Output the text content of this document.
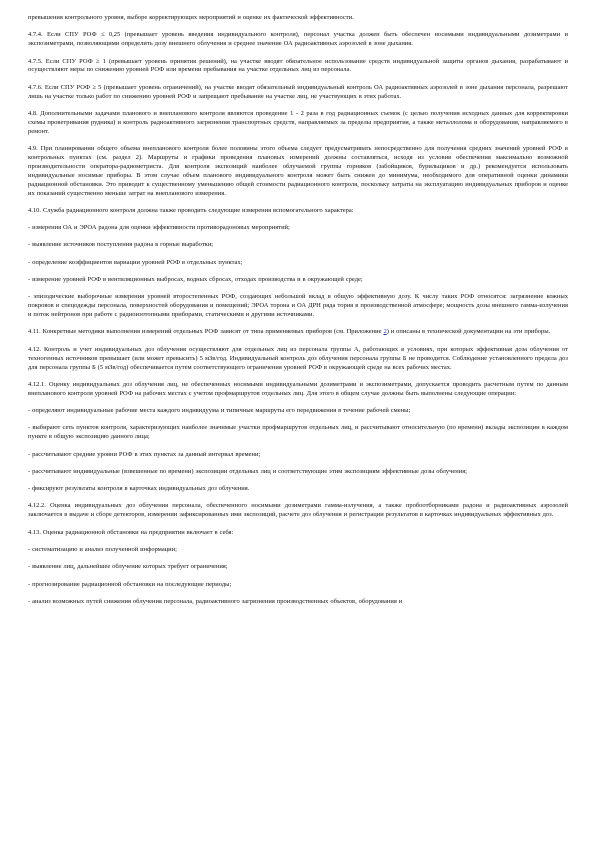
превышения контрольного уровня, выборе корректирующих мероприятий и оценке их фактической эффективности.

4.7.4. Если СПУ РОФ ≤ 0,25 (превышает уровень введения индивидуального контроля), персонал участка должен быть обеспечен носимыми индивидуальными дозиметрами и экспозиметрами, позволяющими определить дозу внешнего облучения и среднее значение ОА радиоактивных аэрозолей в зоне дыхания.

4.7.5. Если СПУ РОФ ≥ 1 (превышает уровень принятия решений), на участке вводят обязательное использование средств индивидуальной защиты органов дыхания, разрабатывают и осуществляют меры по снижению уровней РОФ или времени пребывания на участке отдельных лиц из персонала.

4.7.6. Если СПУ РОФ ≥ 5 (превышает уровень ограничений), на участке вводят обязательный индивидуальный контроль ОА радиоактивных аэрозолей в зоне дыхания персонала, разрешают лишь на участке только работ по снижению уровней РОФ и запрещают пребывание на участке лиц, не участвующих в этих работах.

4.8. Дополнительными задачами планового и внепланового контроля являются проведение 1 - 2 раза в год радиационных съемок (с целью получения исходных данных для корректировки схемы проветривания рудника) и контроль радиоактивного загрязнения транспортных средств, направляемых за пределы предприятия, а также металлолома и оборудования, направляемого в ремонт.

4.9. При планировании общего объема внепланового контроля более половины этого объема следует предусматривать непосредственно для получения средних значений уровней РОФ в контрольных пунктах (см. раздел 2). Маршруты и графики проведения плановых измерений должны составляться, исходя из условия обеспечения максимально возможной производительности оператора-радиометриста. Для контроля экспозиций наиболее облучаемой группы горняков (забойщиков, бурильщиков и др.) рекомендуется использовать индивидуальные носимые приборы. В этом случае объем планового индивидуального контроля может быть снижен до минимума, необходимого для оперативной оценки динамики радиационной обстановки. Это приводит к существенному уменьшению общей стоимости радиационного контроля, поскольку затраты на эксплуатацию индивидуальных приборов и оценке их показаний существенно меньше затрат на внепланового измерения.

4.10. Служба радиационного контроля должна также проводить следующие измерения вспомогательного характера:

- измерения ОА и ЭРОА радона для оценки эффективности противорадоновых мероприятий;

- выявление источников поступления радона в горные выработки;

- определение коэффициентов вариации уровней РОФ в отдельных пунктах;

- измерение уровней РОФ в вентиляционных выбросах, водных сбросах, отходах производства и в окружающей среде;

- эпизодические выборочные измерения уровней второстепенных РОФ, создающих небольшой вклад в общую эффективную дозу. К числу таких РОФ относятся: загрязнение кожных покровов и спецодежды персонала, поверхностей оборудования и помещений; ЭРОА торона и ОА ДРН ряда тория в производственной атмосфере; мощность дозы внешнего гамма-излучения и поток нейтронов при работе с радиоизотопными приборами, статическими и другими источниками.

4.11. Конкретные методики выполнения измерений отдельных РОФ зависят от типа применяемых приборов (см. Приложение 2) и описаны в технической документации на эти приборы.

4.12. Контроль и учет индивидуальных доз облучения осуществляют для отдельных лиц из персонала группы А, работающих в условиях, при которых эффективная доза облучения от техногенных источников превышает (или может превысить) 5 мЗв/год. Индивидуальный контроль доз облучения персонала группы Б не проводится. Соблюдение установленного предела доз для персонала группы Б (5 мЗв/год) обеспечивается путем соответствующего ограничения уровней РОФ в окружающей среде на всех рабочих местах.

4.12.1. Оценку индивидуальных доз облучения лиц, не обеспеченных носимыми индивидуальными дозиметрами и экспозиметрами, допускается проводить расчетным путем по данным внепланового контроля уровней РОФ на рабочих местах с учетом профмаршрутов отдельных лиц. Для этого в общем случае должны быть выполнены следующие операции:

- определяют индивидуальные рабочие места каждого индивидуума и типичные маршруты его передвижения в течение рабочей смены;

- выбирают сеть пунктов контроля, характеризующих наиболее значимые участки профмаршрутов отдельных лиц, и рассчитывают относительную (по времени) вклады экспозиции в каждом пункте в общую экспозицию данного лица;

- рассчитывают средние уровни РОФ в этих пунктах за данный интервал времени;

- рассчитывают индивидуальные (взвешенные по времени) экспозиции отдельных лиц и соответствующие этим экспозициям эффективные дозы облучения;

- фиксируют результаты контроля в карточках индивидуальных доз облучения.

4.12.2. Оценка индивидуальных доз облучения персонала, обеспеченного носимыми дозиметрами гамма-излучения, а также пробоотборниками радона и радиоактивных аэрозолей заключается в выдаче и сборе детекторов, измерении зафиксированных ими экспозиций, расчете доз облучения и регистрации результатов в карточках индивидуальных эффективных доз.

4.13. Оценка радиационной обстановки на предприятии включает в себя:

- систематизацию и анализ полученной информации;

- выявление лиц, дальнейшее облучение которых требует ограничения;

- прогнозирование радиационной обстановки на последующие периоды;

- анализ возможных путей снижения облучения персонала, радиоактивного загрязнения производственных объектов, оборудования и
